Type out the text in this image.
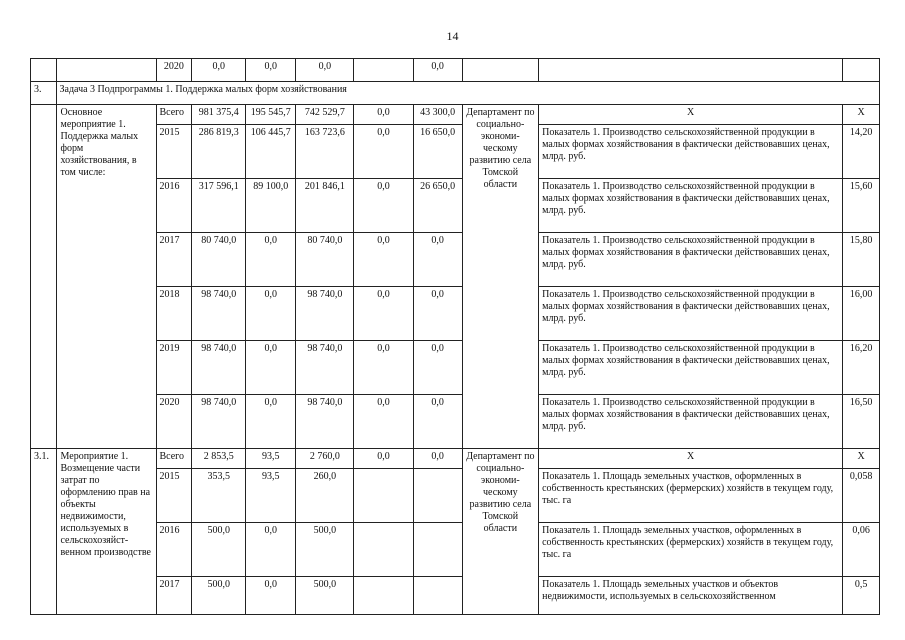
14
		2020	0,0	0,0	0,0		0,0			
3.	Задача 3 Подпрограммы 1. Поддержка малых форм хозяйствования									
	Основное мероприятие 1. Поддержка малых форм хозяйствования, в том числе:	Всего	981 375,4	195 545,7	742 529,7	0,0	43 300,0	Департамент по социально-экономи-ческому развитию села Томской области	X	X
		2015	286 819,3	106 445,7	163 723,6	0,0	16 650,0		Показатель 1. Производство сельскохозяйственной продукции в малых формах хозяйствования в фактически действовавших ценах, млрд. руб.	14,20
		2016	317 596,1	89 100,0	201 846,1	0,0	26 650,0		Показатель 1. Производство сельскохозяйственной продукции в малых формах хозяйствования в фактически действовавших ценах, млрд. руб.	15,60
		2017	80 740,0	0,0	80 740,0	0,0	0,0		Показатель 1. Производство сельскохозяйственной продукции в малых формах хозяйствования в фактически действовавших ценах, млрд. руб.	15,80
		2018	98 740,0	0,0	98 740,0	0,0	0,0		Показатель 1. Производство сельскохозяйственной продукции в малых формах хозяйствования в фактически действовавших ценах, млрд. руб.	16,00
		2019	98 740,0	0,0	98 740,0	0,0	0,0		Показатель 1. Производство сельскохозяйственной продукции в малых формах хозяйствования в фактически действовавших ценах, млрд. руб.	16,20
		2020	98 740,0	0,0	98 740,0	0,0	0,0		Показатель 1. Производство сельскохозяйственной продукции в малых формах хозяйствования в фактически действовавших ценах, млрд. руб.	16,50
3.1.	Мероприятие 1. Возмещение части затрат по оформлению прав на объекты недвижимости, используемых в сельскохозяйст-венном производстве	Всего	2 853,5	93,5	2 760,0	0,0	0,0	Департамент по социально-экономи-ческому развитию села Томской области	X	X
		2015	353,5	93,5	260,0				Показатель 1. Площадь земельных участков, оформленных в собственность крестьянских (фермерских) хозяйств в текущем году, тыс. га	0,058
		2016	500,0	0,0	500,0				Показатель 1. Площадь земельных участков, оформленных в собственность крестьянских (фермерских) хозяйств в текущем году, тыс. га	0,06
		2017	500,0	0,0	500,0				Показатель 1. Площадь земельных участков и объектов недвижимости, используемых в сельскохозяйственном	0,5
